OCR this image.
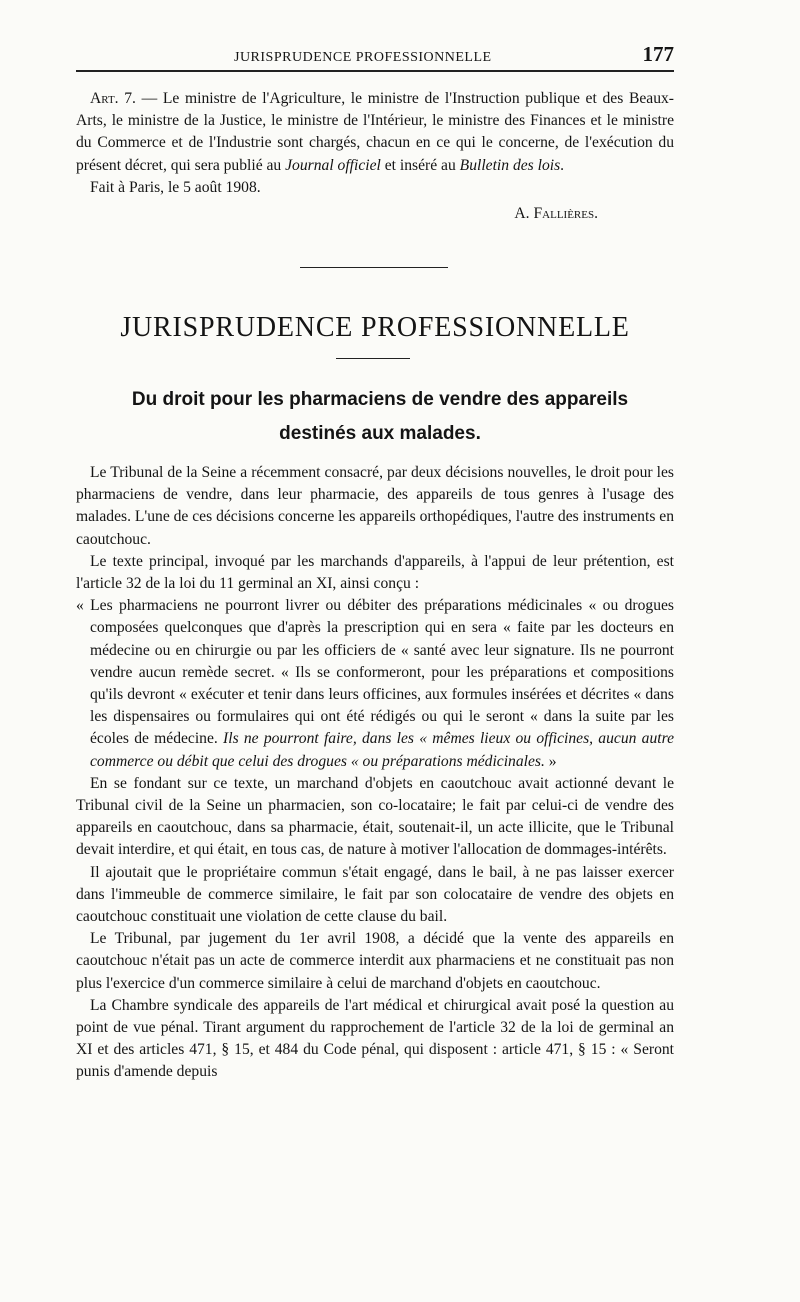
JURISPRUDENCE PROFESSIONNELLE	177

Art. 7. — Le ministre de l'Agriculture, le ministre de l'Instruction publique et des Beaux-Arts, le ministre de la Justice, le ministre de l'Intérieur, le ministre des Finances et le ministre du Commerce et de l'Industrie sont chargés, chacun en ce qui le concerne, de l'exécution du présent décret, qui sera publié au Journal officiel et inséré au Bulletin des lois.

Fait à Paris, le 5 août 1908.

A. Fallières.

JURISPRUDENCE PROFESSIONNELLE
Du droit pour les pharmaciens de vendre des appareils destinés aux malades.

Le Tribunal de la Seine a récemment consacré, par deux décisions nouvelles, le droit pour les pharmaciens de vendre, dans leur pharmacie, des appareils de tous genres à l'usage des malades. L'une de ces décisions concerne les appareils orthopédiques, l'autre des instruments en caoutchouc.

Le texte principal, invoqué par les marchands d'appareils, à l'appui de leur prétention, est l'article 32 de la loi du 11 germinal an XI, ainsi conçu :

« Les pharmaciens ne pourront livrer ou débiter des préparations médicinales « ou drogues composées quelconques que d'après la prescription qui en sera « faite par les docteurs en médecine ou en chirurgie ou par les officiers de « santé avec leur signature. Ils ne pourront vendre aucun remède secret. « Ils se conformeront, pour les préparations et compositions qu'ils devront « exécuter et tenir dans leurs officines, aux formules insérées et décrites « dans les dispensaires ou formulaires qui ont été rédigés ou qui le seront « dans la suite par les écoles de médecine. Ils ne pourront faire, dans les « mêmes lieux ou officines, aucun autre commerce ou débit que celui des drogues « ou préparations médicinales. »

En se fondant sur ce texte, un marchand d'objets en caoutchouc avait actionné devant le Tribunal civil de la Seine un pharmacien, son co-locataire; le fait par celui-ci de vendre des appareils en caoutchouc, dans sa pharmacie, était, soutenait-il, un acte illicite, que le Tribunal devait interdire, et qui était, en tous cas, de nature à motiver l'allocation de dommages-intérêts.

Il ajoutait que le propriétaire commun s'était engagé, dans le bail, à ne pas laisser exercer dans l'immeuble de commerce similaire, le fait par son colocataire de vendre des objets en caoutchouc constituait une violation de cette clause du bail.

Le Tribunal, par jugement du 1er avril 1908, a décidé que la vente des appareils en caoutchouc n'était pas un acte de commerce interdit aux pharmaciens et ne constituait pas non plus l'exercice d'un commerce similaire à celui de marchand d'objets en caoutchouc.

La Chambre syndicale des appareils de l'art médical et chirurgical avait posé la question au point de vue pénal. Tirant argument du rapprochement de l'article 32 de la loi de germinal an XI et des articles 471, § 15, et 484 du Code pénal, qui disposent : article 471, § 15 : « Seront punis d'amende depuis
